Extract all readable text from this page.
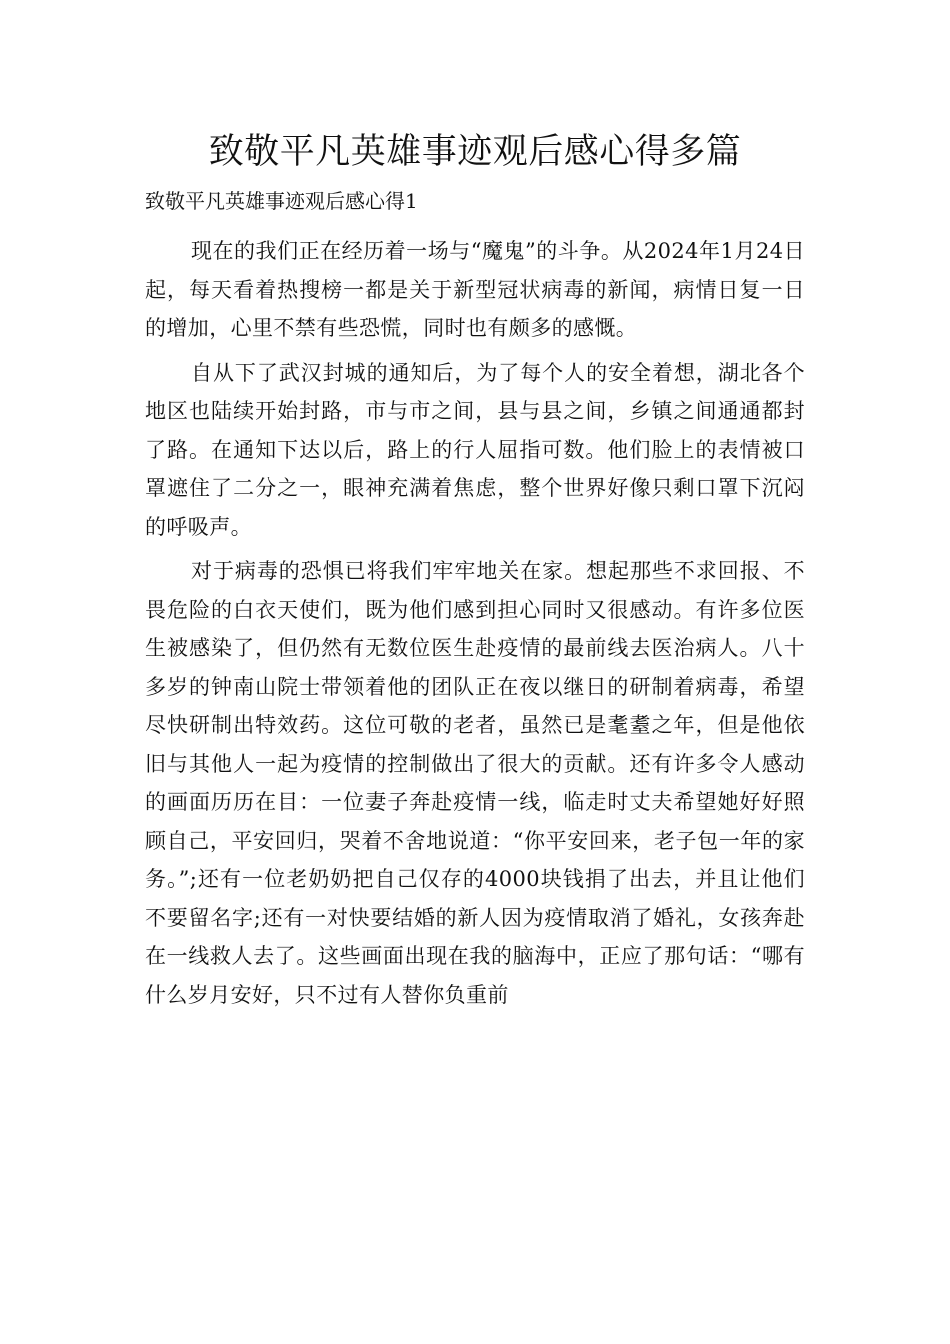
致敬平凡英雄事迹观后感心得多篇

致敬平凡英雄事迹观后感心得1

现在的我们正在经历着一场与“魔鬼”的斗争。从2024年1月24日起，每天看着热搜榜一都是关于新型冠状病毒的新闻，病情日复一日的增加，心里不禁有些恐慌，同时也有颇多的感慨。

自从下了武汉封城的通知后，为了每个人的安全着想，湖北各个地区也陆续开始封路，市与市之间，县与县之间，乡镇之间通通都封了路。在通知下达以后，路上的行人屈指可数。他们脸上的表情被口罩遮住了二分之一，眼神充满着焦虑，整个世界好像只剩口罩下沉闷的呼吸声。

对于病毒的恐惧已将我们牢牢地关在家。想起那些不求回报、不畏危险的白衣天使们，既为他们感到担心同时又很感动。有许多位医生被感染了，但仍然有无数位医生赴疫情的最前线去医治病人。八十多岁的钟南山院士带领着他的团队正在夜以继日的研制着病毒，希望尽快研制出特效药。这位可敬的老者，虽然已是耄耋之年，但是他依旧与其他人一起为疫情的控制做出了很大的贡献。还有许多令人感动的画面历历在目：一位妻子奔赴疫情一线，临走时丈夫希望她好好照顾自己，平安回归，哭着不舍地说道：“你平安回来，老子包一年的家务。”;还有一位老奶奶把自己仅存的4000块钱捐了出去，并且让他们不要留名字;还有一对快要结婚的新人因为疫情取消了婚礼，女孩奔赴在一线救人去了。这些画面出现在我的脑海中，正应了那句话：“哪有什么岁月安好，只不过有人替你负重前
